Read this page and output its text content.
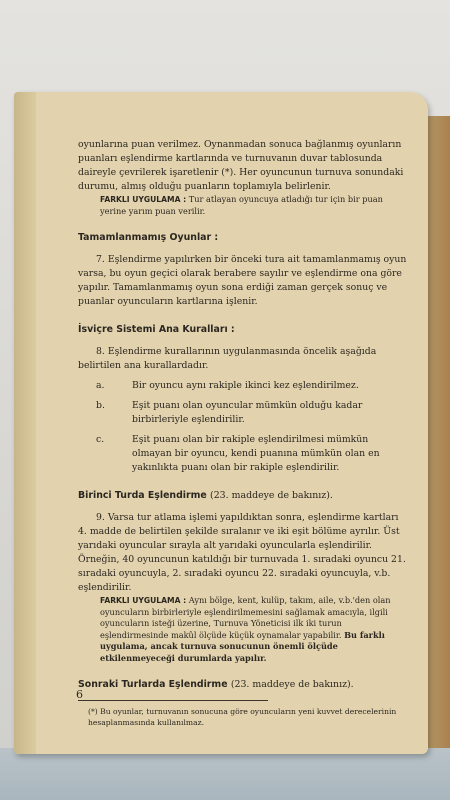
oyunlarına puan verilmez. Oynanmadan sonuca bağlanmış oyunların puanları eşlendirme kartlarında ve turnuvanın duvar tablosunda daireyle çevrilerek işaretlenir (*). Her oyuncunun turnuva sonundaki durumu, almış olduğu puanların toplamıyla belirlenir.

FARKLI UYGULAMA : Tur atlayan oyuncuya atladığı tur için bir puan yerine yarım puan verilir.

Tamamlanmamış Oyunlar :

7. Eşlendirme yapılırken bir önceki tura ait tamamlanmamış oyun varsa, bu oyun geçici olarak berabere sayılır ve eşlendirme ona göre yapılır. Tamamlanmamış oyun sona erdiği zaman gerçek sonuç ve puanlar oyuncuların kartlarına işlenir.

İsviçre Sistemi Ana Kuralları :

8. Eşlendirme kurallarının uygulanmasında öncelik aşağıda belirtilen ana kurallardadır.

a.	Bir oyuncu aynı rakiple ikinci kez eşlendirilmez.
b.	Eşit puanı olan oyuncular mümkün olduğu kadar birbirleriyle eşlendirilir.
c.	Eşit puanı olan bir rakiple eşlendirilmesi mümkün olmayan bir oyuncu, kendi puanına mümkün olan en yakınlıkta puanı olan bir rakiple eşlendirilir.
Birinci Turda Eşlendirme (23. maddeye de bakınız).

9. Varsa tur atlama işlemi yapıldıktan sonra, eşlendirme kartları 4. madde de belirtilen şekilde sıralanır ve iki eşit bölüme ayrılır. Üst yarıdaki oyuncular sırayla alt yarıdaki oyuncularla eşlendirilir. Örneğin, 40 oyuncunun katıldığı bir turnuvada 1. sıradaki oyuncu 21. sıradaki oyuncuyla, 2. sıradaki oyuncu 22. sıradaki oyuncuyla, v.b. eşlendirilir.

FARKLI UYGULAMA : Aynı bölge, kent, kulüp, takım, aile, v.b.'den olan oyuncuların birbirleriyle eşlendirilmemesini sağlamak amacıyla, ilgili oyuncuların isteği üzerine, Turnuva Yöneticisi ilk iki turun eşlendirmesinde makûl ölçüde küçük oynamalar yapabilir. Bu farklı uygulama, ancak turnuva sonucunun önemli ölçüde etkilenmeyeceği durumlarda yapılır.

Sonraki Turlarda Eşlendirme (23. maddeye de bakınız).

(*) Bu oyunlar, turnuvanın sonucuna göre oyuncuların yeni kuvvet derecelerinin hesaplanmasında kullanılmaz.

6
